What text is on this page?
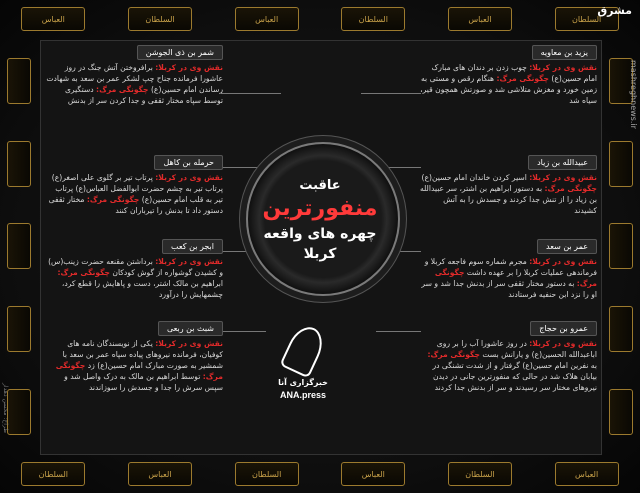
العباس	السلطان	العباس	السلطان	العباس	السلطان
السلطان	العباس	السلطان	العباس	السلطان	العباس
مشرق
mashreghnews.ir
طراح: محسن دهدار
شمر بن ذی الجوشن

نقش وی در کربلا: برافروختن آتش جنگ در روز عاشورا فرمانده جناح چپ لشکر عمر بن سعد به شهادت رساندن امام حسین(ع) چگونگی مرگ: دستگیری توسط سپاه مختار ثقفی و جدا کردن سر از بدنش

حرمله بن کاهل

نقش وی در کربلا: پرتاب تیر بر گلوی علی اصغر(ع) پرتاب تیر به چشم حضرت ابوالفضل العباس(ع) پرتاب تیر به قلب امام حسین(ع) چگونگی مرگ: مختار ثقفی دستور داد تا بدنش را تیرباران کنند

ابجر بن کعب

نقش وی در کربلا: برداشتن مقنعه حضرت زینب(س) و کشیدن گوشواره از گوش کودکان چگونگی مرگ: ابراهیم بن مالک اشتر، دست و پاهایش را قطع کرد، چشمهایش را درآورد

شبث بن ربعی

نقش وی در کربلا: یکی از نویسندگان نامه های کوفیان، فرمانده نیروهای پیاده سپاه عمر بن سعد با شمشیر به صورت مبارک امام حسین(ع) زد چگونگی مرگ: توسط ابراهیم بن مالک به درک واصل شد و سپس سرش را جدا و جسدش را سوزاندند

یزید بن معاویه

نقش وی در کربلا: چوب زدن بر دندان های مبارک امام حسین(ع) چگونگی مرگ: هنگام رقص و مستی به زمین خورد و مغزش متلاشی شد و صورتش همچون قیر، سیاه شد

عبیدالله بن زیاد

نقش وی در کربلا: اسیر کردن خاندان امام حسین(ع) چگونگی مرگ: به دستور ابراهیم بن اشتر، سر عبیدالله بن زیاد را از تنش جدا کردند و جسدش را به آتش کشیدند

عمر بن سعد

نقش وی در کربلا: مجرم شماره سوم فاجعه کربلا و فرماندهی عملیات کربلا را بر عهده داشت چگونگی مرگ: به دستور مختار ثقفی سر از بدنش جدا شد و سر او را نزد ابن حنفیه فرستادند

عمرو بن حجاج

نقش وی در کربلا: در روز عاشورا آب را بر روی اباعبدالله الحسین(ع) و یارانش بست چگونگی مرگ: به نفرین امام حسین(ع) گرفتار و از شدت تشنگی در بیابان هلاک شد در حالی که منفورترین جانی در دیدن نیروهای مختار سر رسیدند و سر از بدنش جدا کردند

عاقبت
منفورترین
چهره های واقعه
کربلا
خبرگزاری آنا
ANA.press
